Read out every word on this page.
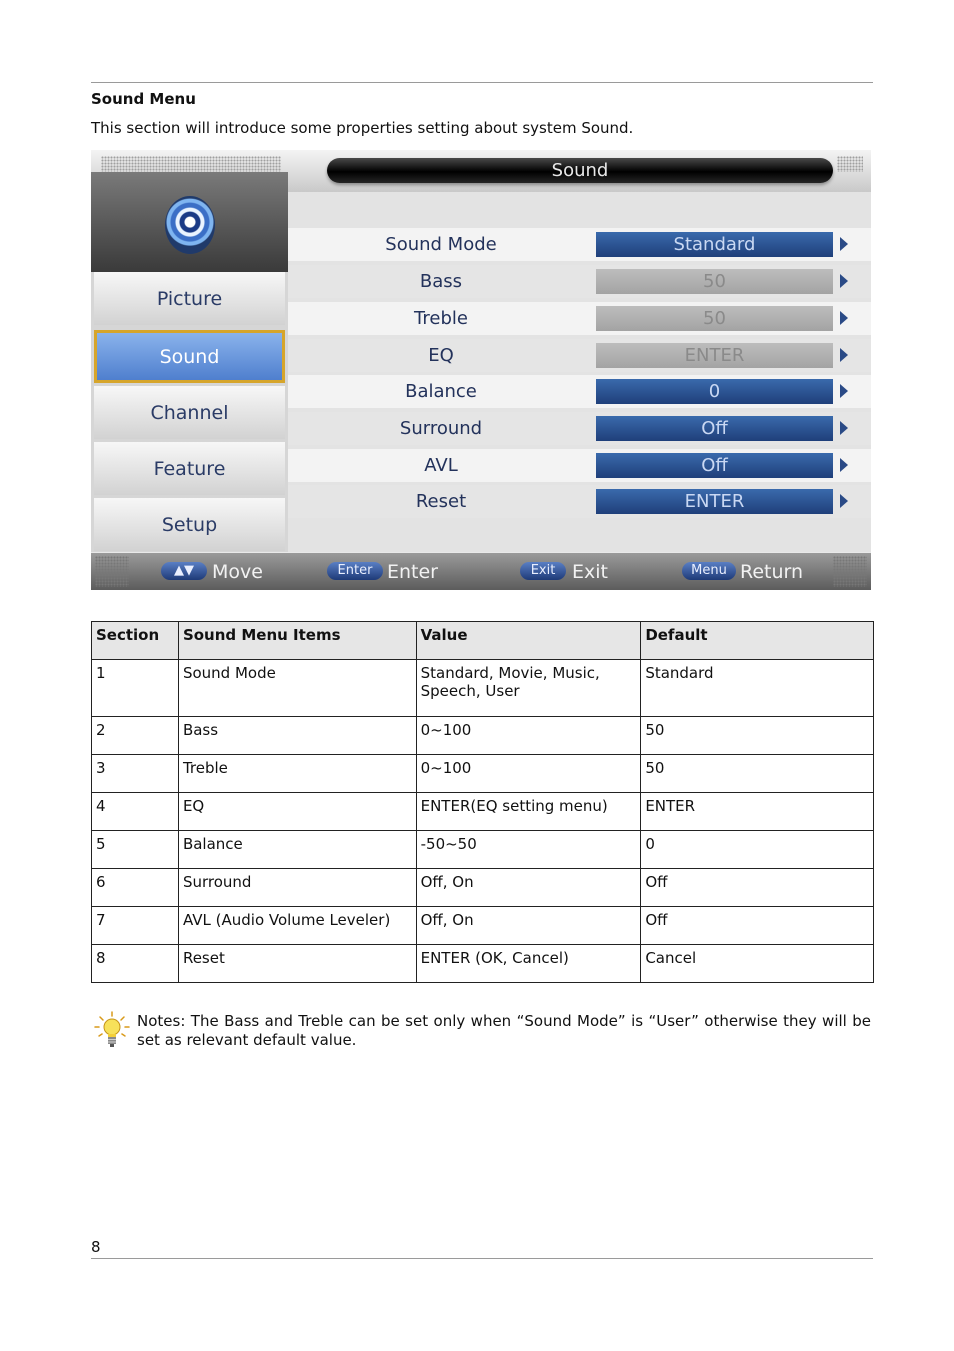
Sound Menu
This section will introduce some properties setting about system Sound.
Sound
Picture
Sound
Channel
Feature
Setup
Sound Mode	Standard
Bass	50
Treble	50
EQ	ENTER
Balance	0
Surround	Off
AVL	Off
Reset	ENTER
▲▼ Move	Enter Enter	Exit Exit	Menu Return
Section	Sound Menu Items	Value	Default
1	Sound Mode	Standard, Movie, Music, Speech, User	Standard
2	Bass	0~100	50
3	Treble	0~100	50
4	EQ	ENTER(EQ setting menu)	ENTER
5	Balance	-50~50	0
6	Surround	Off, On	Off
7	AVL (Audio Volume Leveler)	Off, On	Off
8	Reset	ENTER (OK, Cancel)	Cancel
Notes: The Bass and Treble can be set only when “Sound Mode” is “User” otherwise they will be set as relevant default value.
8
